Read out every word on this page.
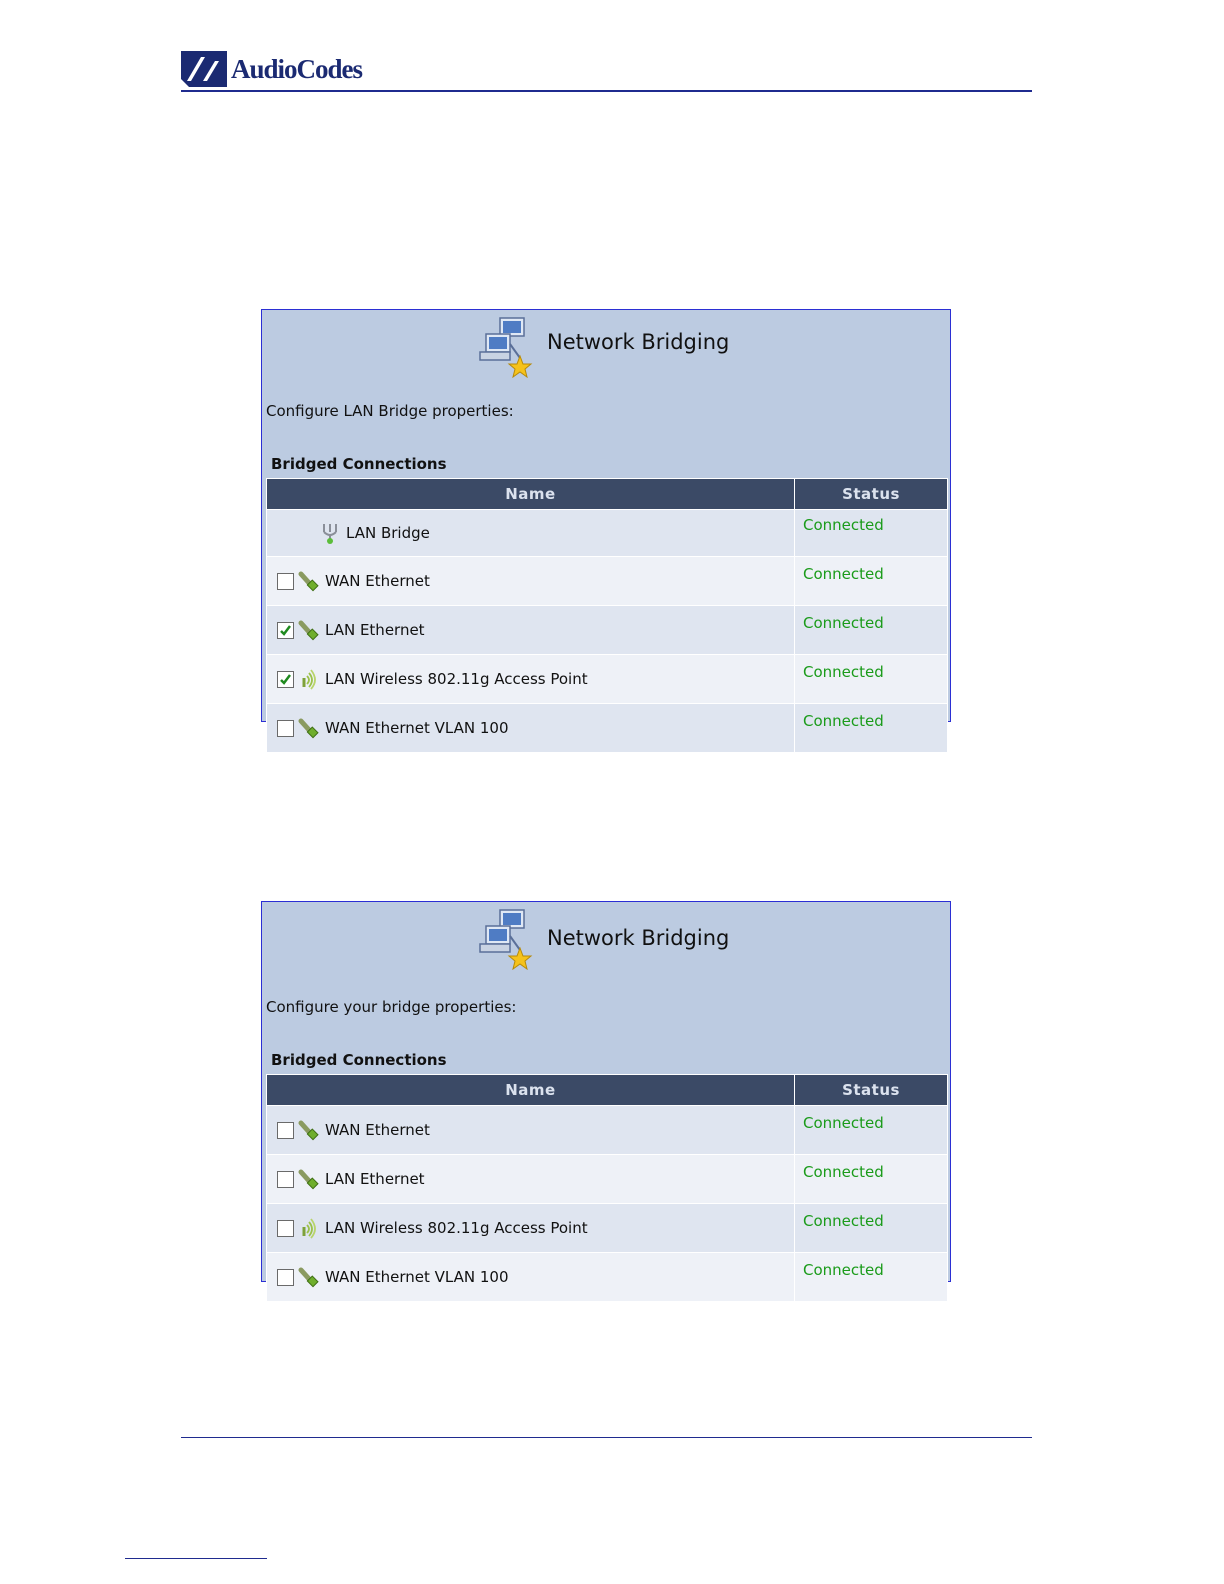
AudioCodes
Network Bridging
Configure LAN Bridge properties:
Bridged Connections
Name	Status

LAN Bridge	Connected

WAN Ethernet	Connected

LAN Ethernet	Connected

LAN Wireless 802.11g Access Point	Connected

WAN Ethernet VLAN 100	Connected
Network Bridging
Configure your bridge properties:
Bridged Connections
Name	Status

WAN Ethernet	Connected

LAN Ethernet	Connected

LAN Wireless 802.11g Access Point	Connected

WAN Ethernet VLAN 100	Connected
